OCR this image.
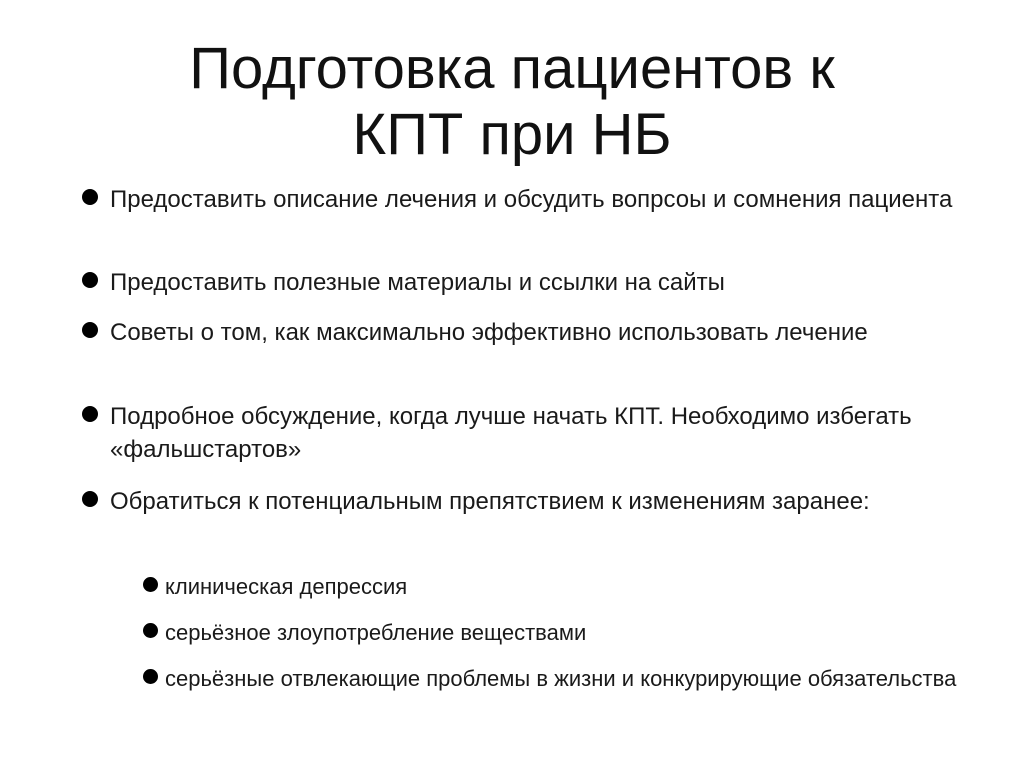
Подготовка пациентов к
КПТ при НБ
Предоставить описание лечения и обсудить вопрсоы и сомнения пациента
Предоставить полезные материалы и ссылки на сайты
Советы о том, как максимально эффективно использовать лечение
Подробное обсуждение, когда лучше начать КПТ. Необходимо избегать «фальшстартов»
Обратиться к потенциальным препятствием к изменениям заранее:
клиническая депрессия
серьёзное злоупотребление веществами
серьёзные отвлекающие проблемы в жизни и конкурирующие обязательства
